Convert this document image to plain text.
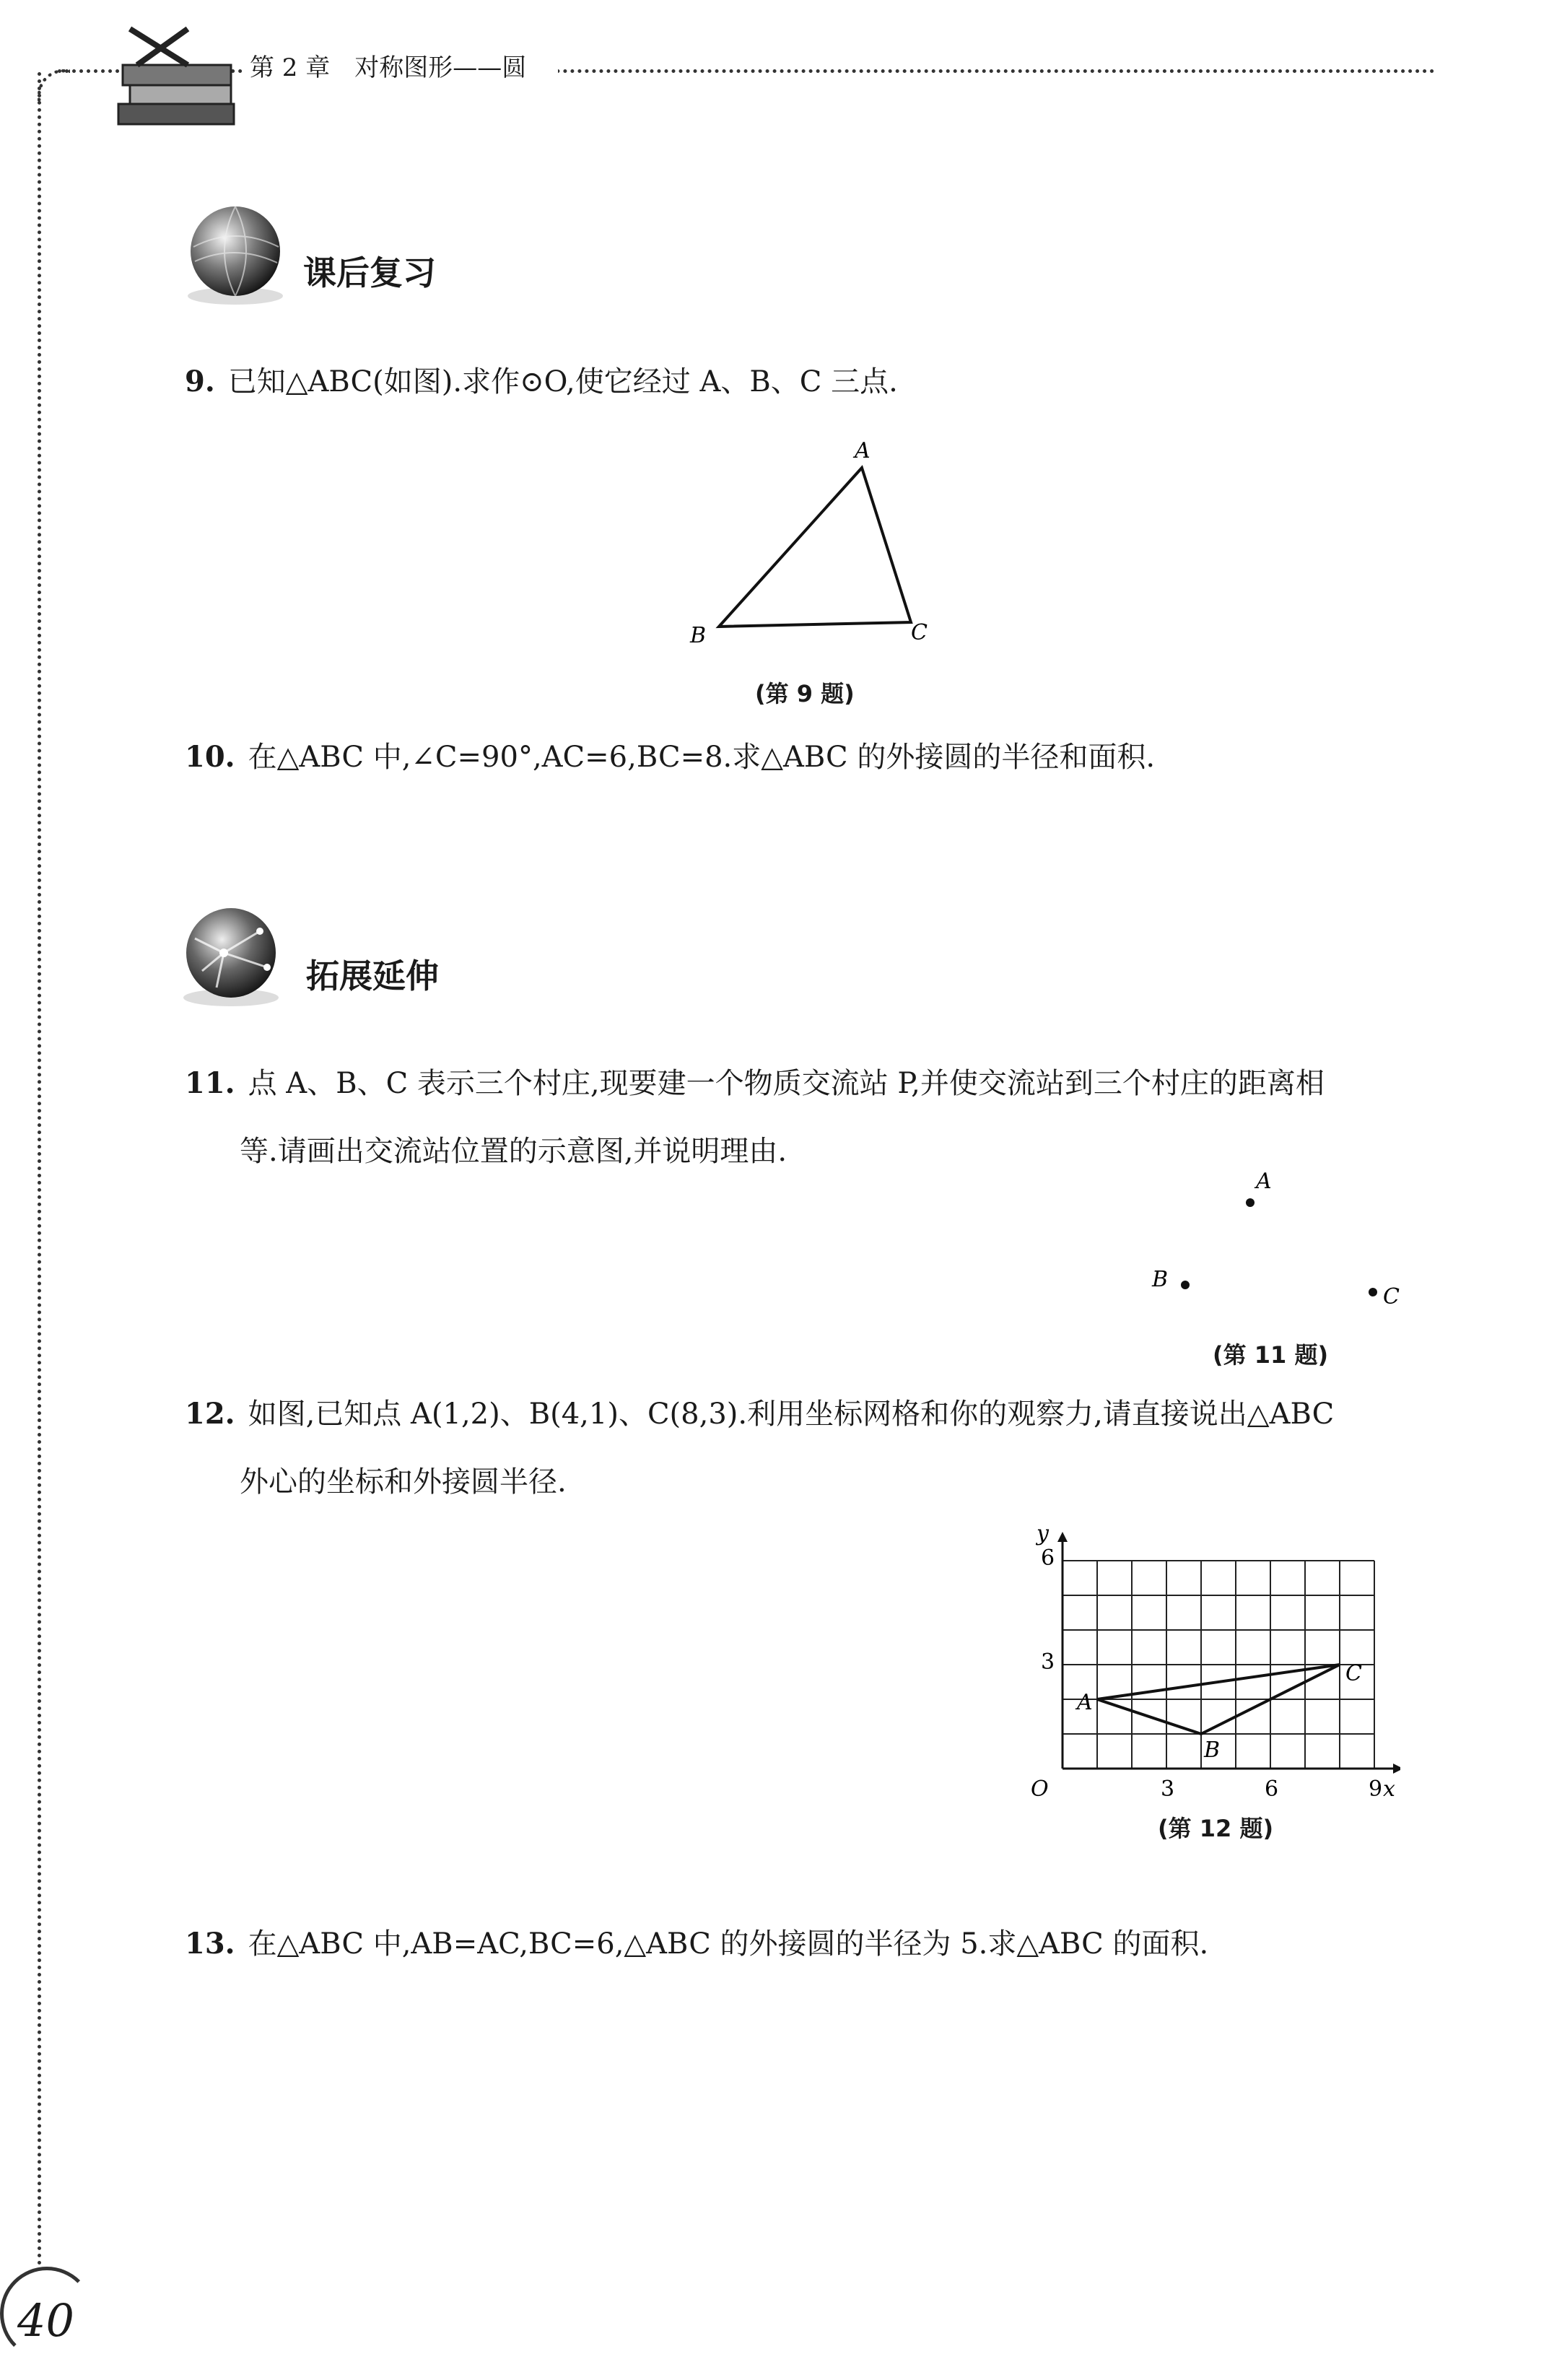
第 2 章 对称图形——圆
课后复习
9. 已知△ABC(如图).求作⊙O,使它经过 A、B、C 三点.
A
B	C
(第 9 题)
10. 在△ABC 中,∠C=90°,AC=6,BC=8.求△ABC 的外接圆的半径和面积.
拓展延伸
11. 点 A、B、C 表示三个村庄,现要建一个物质交流站 P,并使交流站到三个村庄的距离相
等.请画出交流站位置的示意图,并说明理由.
A
B
C
(第 11 题)
12. 如图,已知点 A(1,2)、B(4,1)、C(8,3).利用坐标网格和你的观察力,请直接说出△ABC
外心的坐标和外接圆半径.
x
y
O	3	6	9
3
6
A
B
C
(第 12 题)
13. 在△ABC 中,AB=AC,BC=6,△ABC 的外接圆的半径为 5.求△ABC 的面积.
40
